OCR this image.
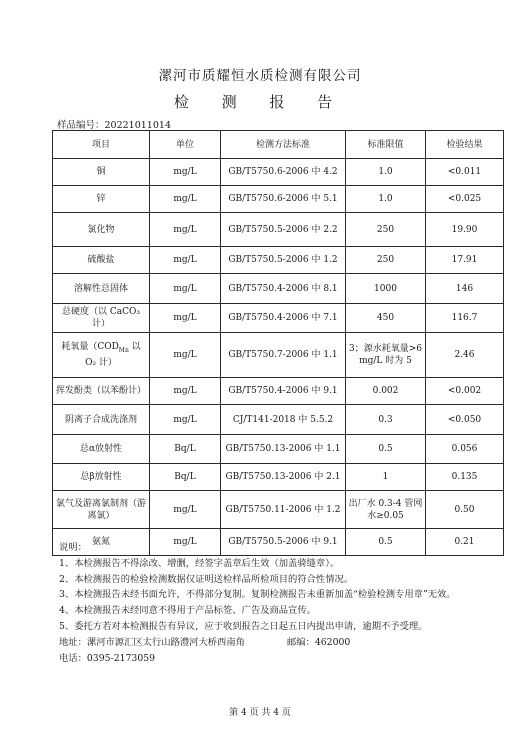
漯河市质耀恒水质检测有限公司
检 测 报 告
样品编号：20221011014
项目	单位	检测方法标准	标准限值	检验结果
铜	mg/L	GB/T5750.6-2006 中 4.2	1.0	<0.011
锌	mg/L	GB/T5750.6-2006 中 5.1	1.0	<0.025
氯化物	mg/L	GB/T5750.5-2006 中 2.2	250	19.90
硫酸盐	mg/L	GB/T5750.5-2006 中 1.2	250	17.91
溶解性总固体	mg/L	GB/T5750.4-2006 中 8.1	1000	146
总硬度（以 CaCO₃ 计）	mg/L	GB/T5750.4-2006 中 7.1	450	116.7
耗氧量（$COD_{Mn}$ 以 O₂ 计）	mg/L	GB/T5750.7-2006 中 1.1	3；源水耗氧量>6 mg/L 时为 5	2.46
挥发酚类（以苯酚计）	mg/L	GB/T5750.4-2006 中 9.1	0.002	<0.002
阴离子合成洗涤剂	mg/L	CJ/T141-2018 中 5.5.2	0.3	<0.050
总α放射性	Bq/L	GB/T5750.13-2006 中 1.1	0.5	0.056
总β放射性	Bq/L	GB/T5750.13-2006 中 2.1	1	0.135
氯气及游离氯制剂（游离氯）	mg/L	GB/T5750.11-2006 中 1.2	出厂水 0.3-4 管网水≥0.05	0.50
氨氮	mg/L	GB/T5750.5-2006 中 9.1	0.5	0.21
说明：
1、本检测报告不得涂改、增删，经签字盖章后生效（加盖骑缝章）。
2、本检测报告的检验检测数据仅证明送检样品所检项目的符合性情况。
3、本检测报告未经书面允许，不得部分复制。复制检测报告未重新加盖“检验检测专用章”无效。
4、本检测报告未经同意不得用于产品标签、广告及商品宣传。
5、委托方若对本检测报告有异议，应于收到报告之日起五日内提出申请，逾期不予受理。
地址：漯河市源汇区太行山路澧河大桥西南角	邮编：462000
电话：0395-2173059
第 4 页 共 4 页
